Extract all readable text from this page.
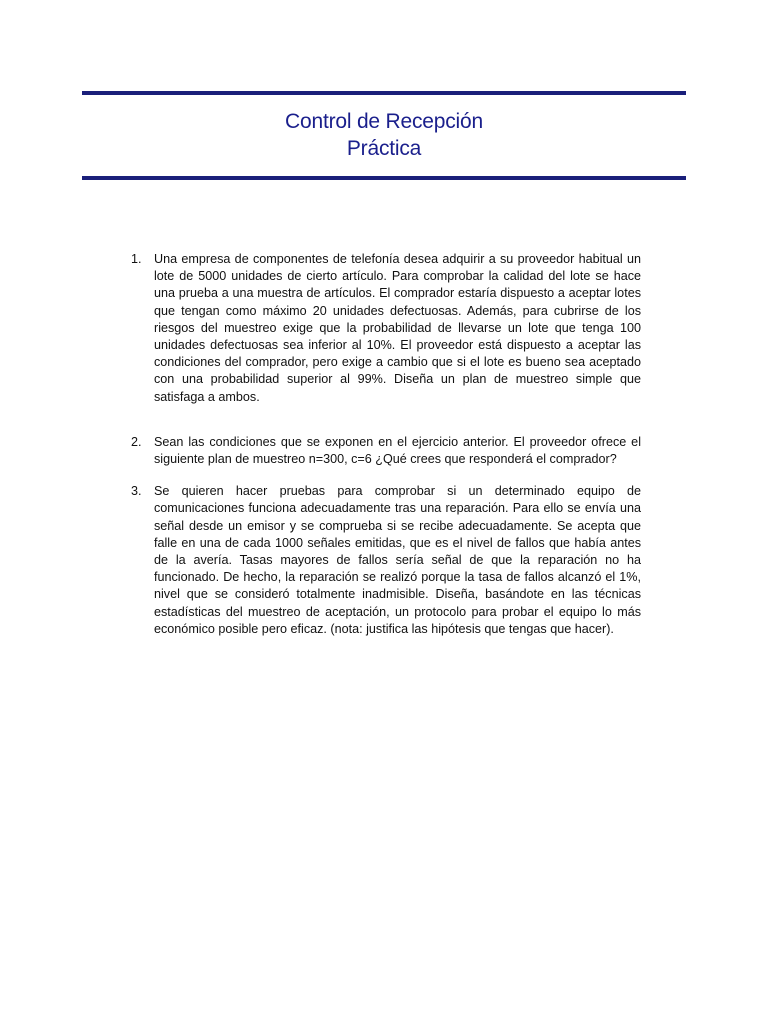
Control de Recepción
Práctica
1. Una empresa de componentes de telefonía desea adquirir a su proveedor habitual un lote de 5000 unidades de cierto artículo. Para comprobar la calidad del lote se hace una prueba a una muestra de artículos. El comprador estaría dispuesto a aceptar lotes que tengan como máximo 20 unidades defectuosas. Además, para cubrirse de los riesgos del muestreo exige que la probabilidad de llevarse un lote que tenga 100 unidades defectuosas sea inferior al 10%. El proveedor está dispuesto a aceptar las condiciones del comprador, pero exige a cambio que si el lote es bueno sea aceptado con una probabilidad superior al 99%. Diseña un plan de muestreo simple que satisfaga a ambos.
2. Sean las condiciones que se exponen en el ejercicio anterior. El proveedor ofrece el siguiente plan de muestreo n=300, c=6 ¿Qué crees que responderá el comprador?
3. Se quieren hacer pruebas para comprobar si un determinado equipo de comunicaciones funciona adecuadamente tras una reparación. Para ello se envía una señal desde un emisor y se comprueba si se recibe adecuadamente. Se acepta que falle en una de cada 1000 señales emitidas, que es el nivel de fallos que había antes de la avería. Tasas mayores de fallos sería señal de que la reparación no ha funcionado. De hecho, la reparación se realizó porque la tasa de fallos alcanzó el 1%, nivel que se consideró totalmente inadmisible. Diseña, basándote en las técnicas estadísticas del muestreo de aceptación, un protocolo para probar el equipo lo más económico posible pero eficaz. (nota: justifica las hipótesis que tengas que hacer).
